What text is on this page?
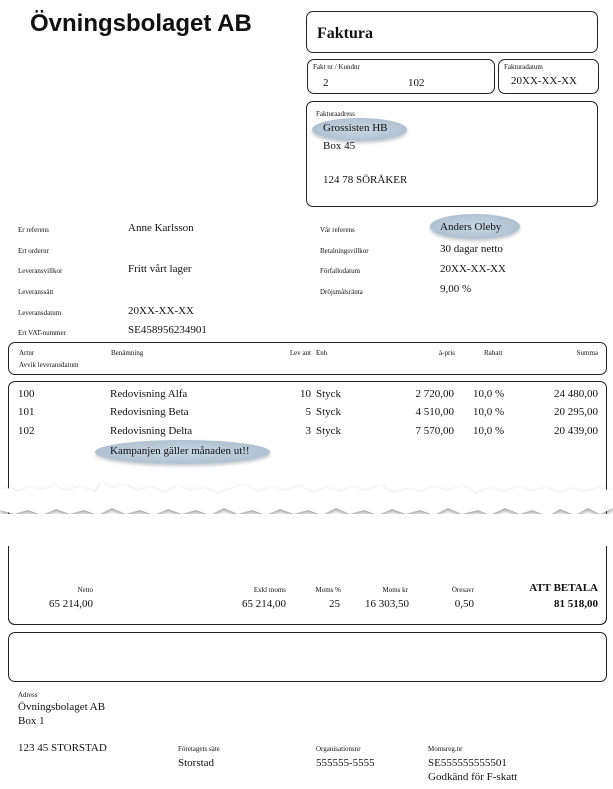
Övningsbolaget AB	Faktura
Fakt nr / Kundnr
2	102
Fakturadatum
20XX-XX-XX
Fakturaadress
Grossisten HB
Box 45
124 78 SÖRÅKER
Er referens	Anne Karlsson
Ert ordernr
Leveransvillkor	Fritt vårt lager
Leveranssätt
Leveransdatum	20XX-XX-XX
Ert VAT-nummer	SE458956234901
Vår referens	Anders Oleby
Betalningsvillkor	30 dagar netto
Förfallodatum	20XX-XX-XX
Dröjsmålsränta	9,00 %
Artnr
Avvik leveransdatum
Benämning	Lev ant Enh	à-pris	Rabatt	Summa
100	Redovisning Alfa	10 Styck	2 720,00 10,0 %	24 480,00
101	Redovisning Beta	5 Styck	4 510,00 10,0 %	20 295,00
102	Redovisning Delta	3 Styck	7 570,00 10,0 %	20 439,00
Kampanjen gäller månaden ut!!
Netto
65 214,00
Exkl moms
65 214,00
Moms %
25
Moms kr
16 303,50
Öresavr
0,50
ATT BETALA
81 518,00
Adress
Övningsbolaget AB
Box 1
123 45 STORSTAD	Företagets säte
Storstad
Organisationsnr
555555-5555
Momsreg.nr
SE555555555501
Godkänd för F-skatt
